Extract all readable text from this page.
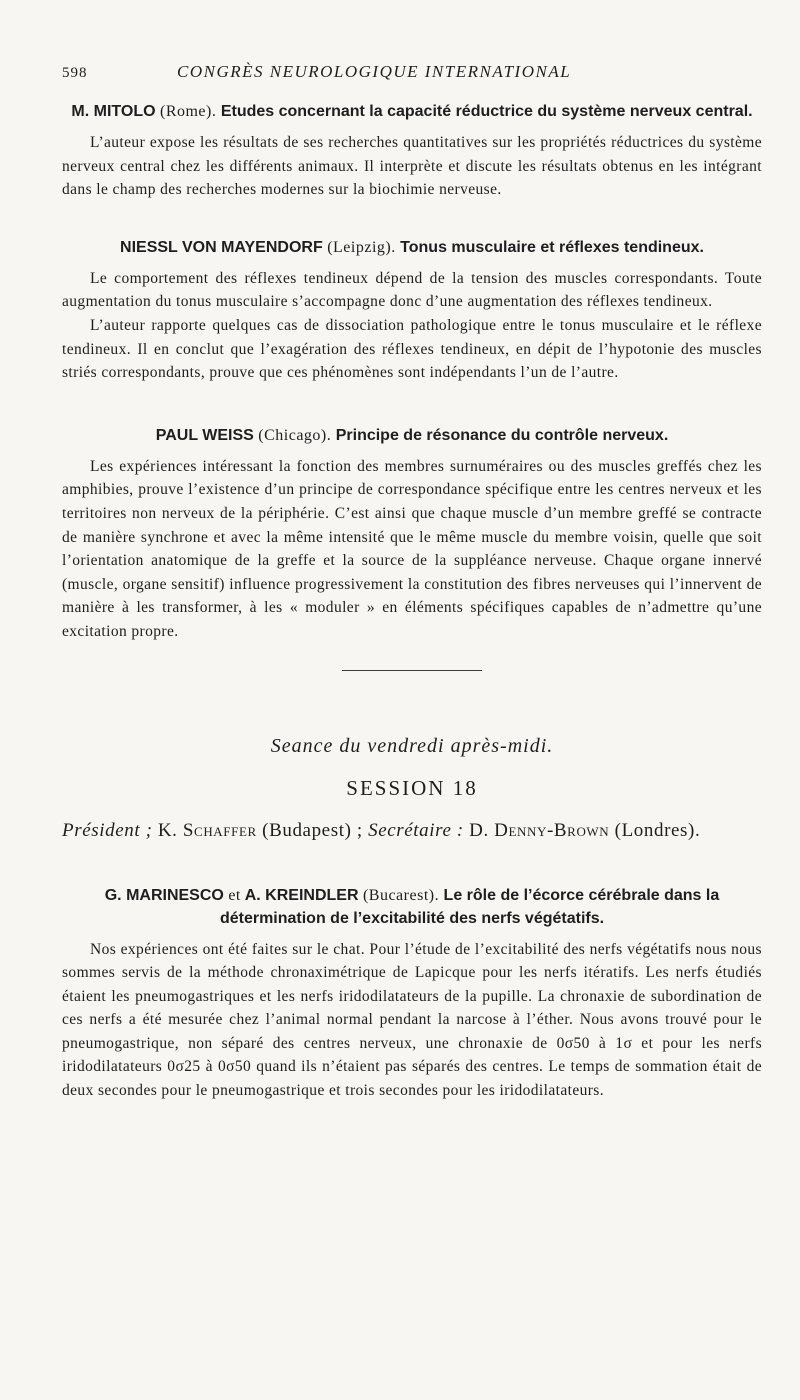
598	CONGRÈS NEUROLOGIQUE INTERNATIONAL
M. MITOLO (Rome). Etudes concernant la capacité réductrice du système nerveux central.

L’auteur expose les résultats de ses recherches quantitatives sur les propriétés réductrices du système nerveux central chez les différents animaux. Il interprète et discute les résultats obtenus en les intégrant dans le champ des recherches modernes sur la biochimie nerveuse.

NIESSL VON MAYENDORF (Leipzig). Tonus musculaire et réflexes tendineux.

Le comportement des réflexes tendineux dépend de la tension des muscles correspondants. Toute augmentation du tonus musculaire s’accompagne donc d’une augmentation des réflexes tendineux.

L’auteur rapporte quelques cas de dissociation pathologique entre le tonus musculaire et le réflexe tendineux. Il en conclut que l’exagération des réflexes tendineux, en dépit de l’hypotonie des muscles striés correspondants, prouve que ces phénomènes sont indépendants l’un de l’autre.

PAUL WEISS (Chicago). Principe de résonance du contrôle nerveux.

Les expériences intéressant la fonction des membres surnuméraires ou des muscles greffés chez les amphibies, prouve l’existence d’un principe de correspondance spécifique entre les centres nerveux et les territoires non nerveux de la périphérie. C’est ainsi que chaque muscle d’un membre greffé se contracte de manière synchrone et avec la même intensité que le même muscle du membre voisin, quelle que soit l’orientation anatomique de la greffe et la source de la suppléance nerveuse. Chaque organe innervé (muscle, organe sensitif) influence progressivement la constitution des fibres nerveuses qui l’innervent de manière à les transformer, à les « moduler » en éléments spécifiques capables de n’admettre qu’une excitation propre.

Seance du vendredi après-midi.
SESSION 18

Président ; K. Schaffer (Budapest) ; Secrétaire : D. Denny-Brown (Londres).

G. MARINESCO et A. KREINDLER (Bucarest). Le rôle de l’écorce cérébrale dans la détermination de l’excitabilité des nerfs végétatifs.

Nos expériences ont été faites sur le chat. Pour l’étude de l’excitabilité des nerfs végétatifs nous nous sommes servis de la méthode chronaximétrique de Lapicque pour les nerfs itératifs. Les nerfs étudiés étaient les pneumogastriques et les nerfs iridodilatateurs de la pupille. La chronaxie de subordination de ces nerfs a été mesurée chez l’animal normal pendant la narcose à l’éther. Nous avons trouvé pour le pneumogastrique, non séparé des centres nerveux, une chronaxie de 0σ50 à 1σ et pour les nerfs iridodilatateurs 0σ25 à 0σ50 quand ils n’étaient pas séparés des centres. Le temps de sommation était de deux secondes pour le pneumogastrique et trois secondes pour les iridodilatateurs.
